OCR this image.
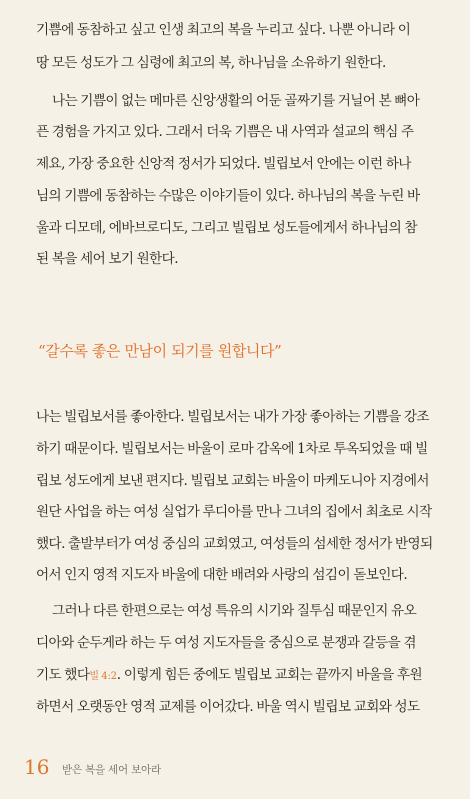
기쁨에 동참하고 싶고 인생 최고의 복을 누리고 싶다. 나뿐 아니라 이
땅 모든 성도가 그 심령에 최고의 복, 하나님을 소유하기 원한다.
나는 기쁨이 없는 메마른 신앙생활의 어둔 골짜기를 거닐어 본 뼈아
픈 경험을 가지고 있다. 그래서 더욱 기쁨은 내 사역과 설교의 핵심 주
제요, 가장 중요한 신앙적 정서가 되었다. 빌립보서 안에는 이런 하나
님의 기쁨에 동참하는 수많은 이야기들이 있다. 하나님의 복을 누린 바
울과 디모데, 에바브로디도, 그리고 빌립보 성도들에게서 하나님의 참
된 복을 세어 보기 원한다.
“갈수록 좋은 만남이 되기를 원합니다”
나는 빌립보서를 좋아한다. 빌립보서는 내가 가장 좋아하는 기쁨을 강조
하기 때문이다. 빌립보서는 바울이 로마 감옥에 1차로 투옥되었을 때 빌
립보 성도에게 보낸 편지다. 빌립보 교회는 바울이 마케도니아 지경에서
원단 사업을 하는 여성 실업가 루디아를 만나 그녀의 집에서 최초로 시작
했다. 출발부터가 여성 중심의 교회였고, 여성들의 섬세한 정서가 반영되
어서 인지 영적 지도자 바울에 대한 배려와 사랑의 섬김이 돋보인다.
그러나 다른 한편으로는 여성 특유의 시기와 질투심 때문인지 유오
디아와 순두게라 하는 두 여성 지도자들을 중심으로 분쟁과 갈등을 겪
기도 했다빌 4:2. 이렇게 힘든 중에도 빌립보 교회는 끝까지 바울을 후원
하면서 오랫동안 영적 교제를 이어갔다. 바울 역시 빌립보 교회와 성도
16 받은 복을 세어 보아라
